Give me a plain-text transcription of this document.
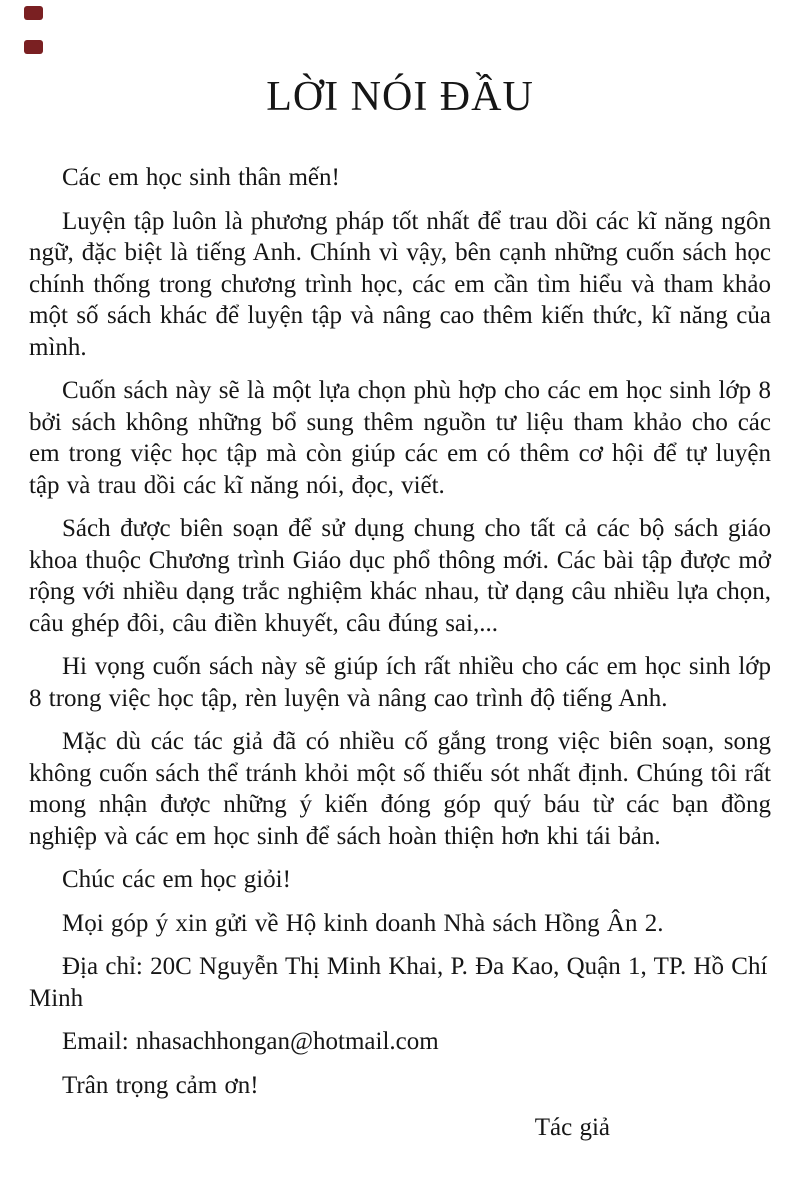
LỜI NÓI ĐẦU

Các em học sinh thân mến!

Luyện tập luôn là phương pháp tốt nhất để trau dồi các kĩ năng ngôn ngữ, đặc biệt là tiếng Anh. Chính vì vậy, bên cạnh những cuốn sách học chính thống trong chương trình học, các em cần tìm hiểu và tham khảo một số sách khác để luyện tập và nâng cao thêm kiến thức, kĩ năng của mình.

Cuốn sách này sẽ là một lựa chọn phù hợp cho các em học sinh lớp 8 bởi sách không những bổ sung thêm nguồn tư liệu tham khảo cho các em trong việc học tập mà còn giúp các em có thêm cơ hội để tự luyện tập và trau dồi các kĩ năng nói, đọc, viết.

Sách được biên soạn để sử dụng chung cho tất cả các bộ sách giáo khoa thuộc Chương trình Giáo dục phổ thông mới. Các bài tập được mở rộng với nhiều dạng trắc nghiệm khác nhau, từ dạng câu nhiều lựa chọn, câu ghép đôi, câu điền khuyết, câu đúng sai,...

Hi vọng cuốn sách này sẽ giúp ích rất nhiều cho các em học sinh lớp 8 trong việc học tập, rèn luyện và nâng cao trình độ tiếng Anh.

Mặc dù các tác giả đã có nhiều cố gắng trong việc biên soạn, song không cuốn sách thể tránh khỏi một số thiếu sót nhất định. Chúng tôi rất mong nhận được những ý kiến đóng góp quý báu từ các bạn đồng nghiệp và các em học sinh để sách hoàn thiện hơn khi tái bản.

Chúc các em học giỏi!

Mọi góp ý xin gửi về Hộ kinh doanh Nhà sách Hồng Ân 2.

Địa chỉ: 20C Nguyễn Thị Minh Khai, P. Đa Kao, Quận 1, TP. Hồ Chí Minh

Email: nhasachhongan@hotmail.com

Trân trọng cảm ơn!

Tác giả
